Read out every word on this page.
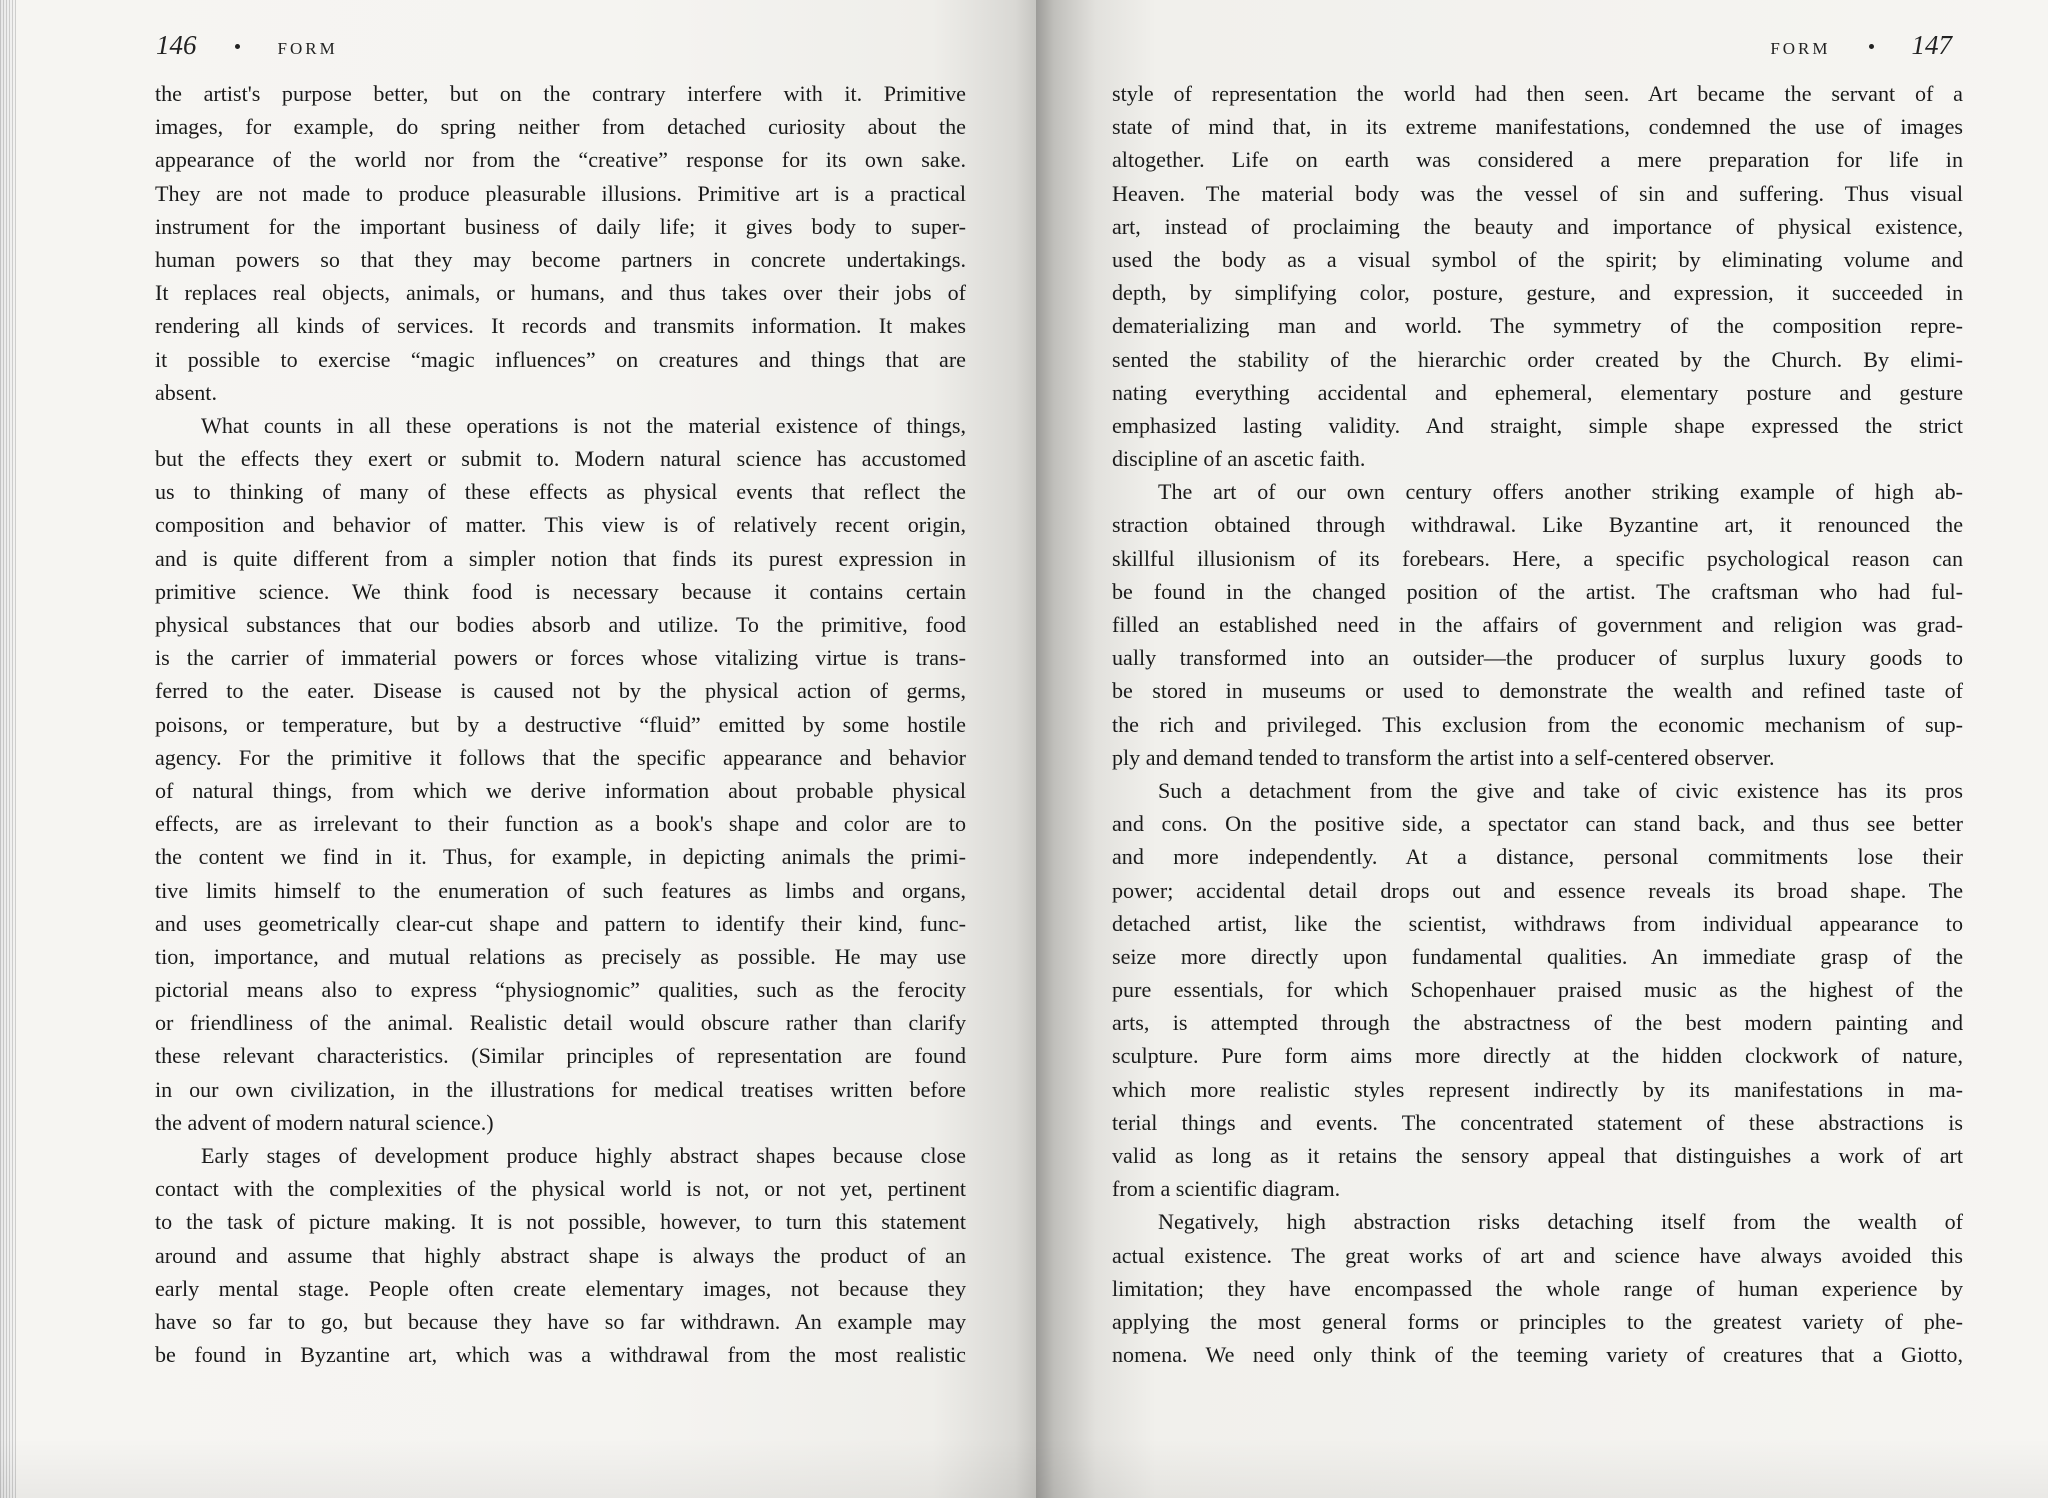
146	FORM
the artist's purpose better, but on the contrary interfere with it. Primitive
images, for example, do spring neither from detached curiosity about the
appearance of the world nor from the “creative” response for its own sake.
They are not made to produce pleasurable illusions. Primitive art is a practical
instrument for the important business of daily life; it gives body to super-
human powers so that they may become partners in concrete undertakings.
It replaces real objects, animals, or humans, and thus takes over their jobs of
rendering all kinds of services. It records and transmits information. It makes
it possible to exercise “magic influences” on creatures and things that are
absent.
What counts in all these operations is not the material existence of things,
but the effects they exert or submit to. Modern natural science has accustomed
us to thinking of many of these effects as physical events that reflect the
composition and behavior of matter. This view is of relatively recent origin,
and is quite different from a simpler notion that finds its purest expression in
primitive science. We think food is necessary because it contains certain
physical substances that our bodies absorb and utilize. To the primitive, food
is the carrier of immaterial powers or forces whose vitalizing virtue is trans-
ferred to the eater. Disease is caused not by the physical action of germs,
poisons, or temperature, but by a destructive “fluid” emitted by some hostile
agency. For the primitive it follows that the specific appearance and behavior
of natural things, from which we derive information about probable physical
effects, are as irrelevant to their function as a book's shape and color are to
the content we find in it. Thus, for example, in depicting animals the primi-
tive limits himself to the enumeration of such features as limbs and organs,
and uses geometrically clear-cut shape and pattern to identify their kind, func-
tion, importance, and mutual relations as precisely as possible. He may use
pictorial means also to express “physiognomic” qualities, such as the ferocity
or friendliness of the animal. Realistic detail would obscure rather than clarify
these relevant characteristics. (Similar principles of representation are found
in our own civilization, in the illustrations for medical treatises written before
the advent of modern natural science.)
Early stages of development produce highly abstract shapes because close
contact with the complexities of the physical world is not, or not yet, pertinent
to the task of picture making. It is not possible, however, to turn this statement
around and assume that highly abstract shape is always the product of an
early mental stage. People often create elementary images, not because they
have so far to go, but because they have so far withdrawn. An example may
be found in Byzantine art, which was a withdrawal from the most realistic
FORM	147
style of representation the world had then seen. Art became the servant of a
state of mind that, in its extreme manifestations, condemned the use of images
altogether. Life on earth was considered a mere preparation for life in
Heaven. The material body was the vessel of sin and suffering. Thus visual
art, instead of proclaiming the beauty and importance of physical existence,
used the body as a visual symbol of the spirit; by eliminating volume and
depth, by simplifying color, posture, gesture, and expression, it succeeded in
dematerializing man and world. The symmetry of the composition repre-
sented the stability of the hierarchic order created by the Church. By elimi-
nating everything accidental and ephemeral, elementary posture and gesture
emphasized lasting validity. And straight, simple shape expressed the strict
discipline of an ascetic faith.
The art of our own century offers another striking example of high ab-
straction obtained through withdrawal. Like Byzantine art, it renounced the
skillful illusionism of its forebears. Here, a specific psychological reason can
be found in the changed position of the artist. The craftsman who had ful-
filled an established need in the affairs of government and religion was grad-
ually transformed into an outsider—the producer of surplus luxury goods to
be stored in museums or used to demonstrate the wealth and refined taste of
the rich and privileged. This exclusion from the economic mechanism of sup-
ply and demand tended to transform the artist into a self-centered observer.
Such a detachment from the give and take of civic existence has its pros
and cons. On the positive side, a spectator can stand back, and thus see better
and more independently. At a distance, personal commitments lose their
power; accidental detail drops out and essence reveals its broad shape. The
detached artist, like the scientist, withdraws from individual appearance to
seize more directly upon fundamental qualities. An immediate grasp of the
pure essentials, for which Schopenhauer praised music as the highest of the
arts, is attempted through the abstractness of the best modern painting and
sculpture. Pure form aims more directly at the hidden clockwork of nature,
which more realistic styles represent indirectly by its manifestations in ma-
terial things and events. The concentrated statement of these abstractions is
valid as long as it retains the sensory appeal that distinguishes a work of art
from a scientific diagram.
Negatively, high abstraction risks detaching itself from the wealth of
actual existence. The great works of art and science have always avoided this
limitation; they have encompassed the whole range of human experience by
applying the most general forms or principles to the greatest variety of phe-
nomena. We need only think of the teeming variety of creatures that a Giotto,
